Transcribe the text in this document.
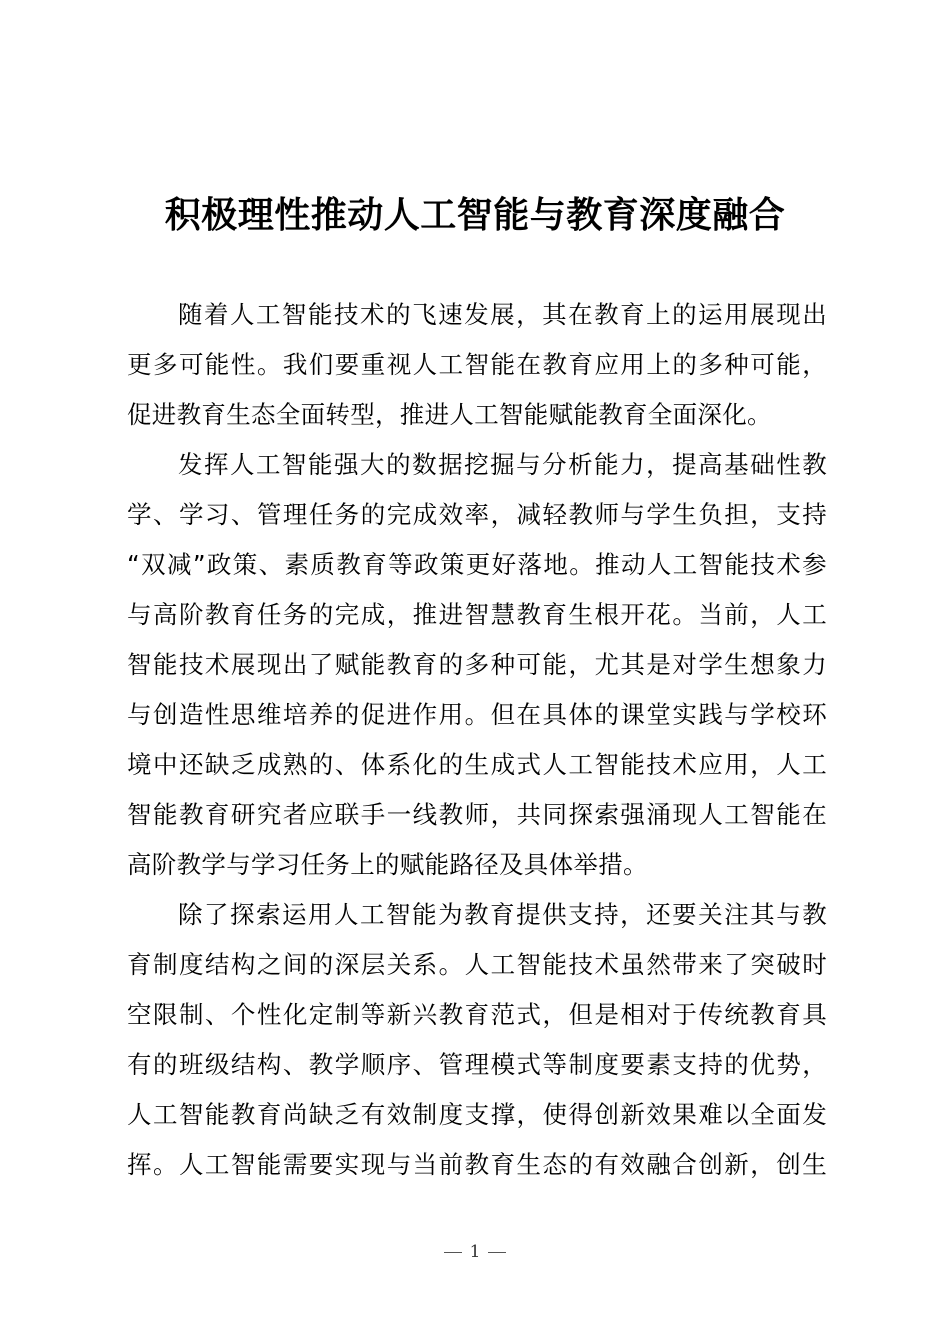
积极理性推动人工智能与教育深度融合
随着人工智能技术的飞速发展，其在教育上的运用展现出
更多可能性。我们要重视人工智能在教育应用上的多种可能，
促进教育生态全面转型，推进人工智能赋能教育全面深化。
发挥人工智能强大的数据挖掘与分析能力，提高基础性教
学、学习、管理任务的完成效率，减轻教师与学生负担，支持
“双减”政策、素质教育等政策更好落地。推动人工智能技术参
与高阶教育任务的完成，推进智慧教育生根开花。当前，人工
智能技术展现出了赋能教育的多种可能，尤其是对学生想象力
与创造性思维培养的促进作用。但在具体的课堂实践与学校环
境中还缺乏成熟的、体系化的生成式人工智能技术应用，人工
智能教育研究者应联手一线教师，共同探索强涌现人工智能在
高阶教学与学习任务上的赋能路径及具体举措。
除了探索运用人工智能为教育提供支持，还要关注其与教
育制度结构之间的深层关系。人工智能技术虽然带来了突破时
空限制、个性化定制等新兴教育范式，但是相对于传统教育具
有的班级结构、教学顺序、管理模式等制度要素支持的优势，
人工智能教育尚缺乏有效制度支撑，使得创新效果难以全面发
挥。人工智能需要实现与当前教育生态的有效融合创新，创生
1
